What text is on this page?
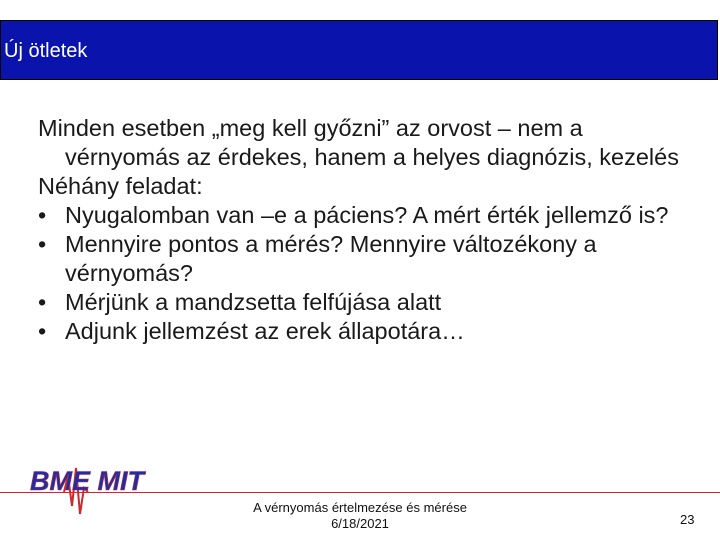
Új ötletek

Minden esetben „meg kell győzni” az orvost – nem a vérnyomás az érdekes, hanem a helyes diagnózis, kezelés

Néhány feladat:

• Nyugalomban van –e a páciens? A mért érték jellemző is?
• Mennyire pontos a mérés? Mennyire változékony a vérnyomás?
• Mérjünk a mandzsetta felfújása alatt
• Adjunk jellemzést az erek állapotára…
BME MIT
A vérnyomás értelmezése és mérése
6/18/2021	23
